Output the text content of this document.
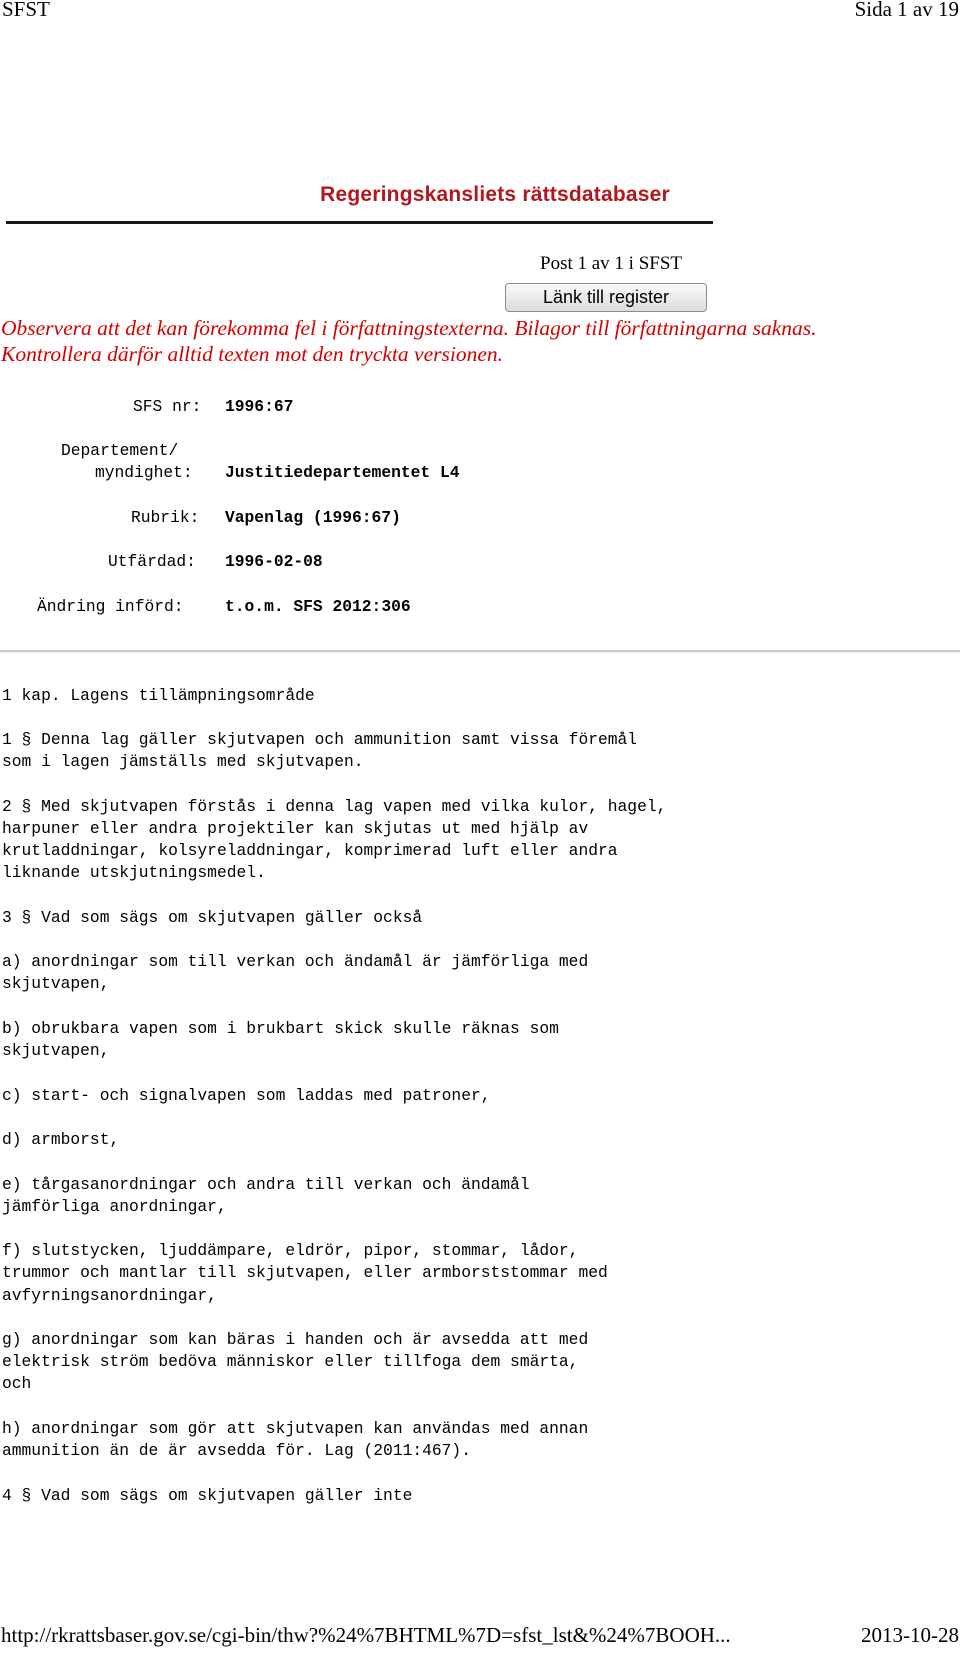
SFST	Sida 1 av 19
Regeringskansliets rättsdatabaser
Post 1 av 1 i SFST
Länk till register
Observera att det kan förekomma fel i författningstexterna. Bilagor till författningarna saknas. Kontrollera därför alltid texten mot den tryckta versionen.
SFS nr: 1996:67
Departement/
myndighet: Justitiedepartementet L4
Rubrik: Vapenlag (1996:67)
Utfärdad: 1996-02-08
Ändring införd:	t.o.m. SFS 2012:306
1 kap. Lagens tillämpningsområde
1 § Denna lag gäller skjutvapen och ammunition samt vissa föremål
som i lagen jämställs med skjutvapen.
2 § Med skjutvapen förstås i denna lag vapen med vilka kulor, hagel,
harpuner eller andra projektiler kan skjutas ut med hjälp av
krutladdningar, kolsyreladdningar, komprimerad luft eller andra
liknande utskjutningsmedel.
3 § Vad som sägs om skjutvapen gäller också
a) anordningar som till verkan och ändamål är jämförliga med
skjutvapen,
b) obrukbara vapen som i brukbart skick skulle räknas som
skjutvapen,
c) start- och signalvapen som laddas med patroner,
d) armborst,
e) tårgasanordningar och andra till verkan och ändamål
jämförliga anordningar,
f) slutstycken, ljuddämpare, eldrör, pipor, stommar, lådor,
trummor och mantlar till skjutvapen, eller armborststommar med
avfyrningsanordningar,
g) anordningar som kan bäras i handen och är avsedda att med
elektrisk ström bedöva människor eller tillfoga dem smärta,
och
h) anordningar som gör att skjutvapen kan användas med annan
ammunition än de är avsedda för. Lag (2011:467).
4 § Vad som sägs om skjutvapen gäller inte
http://rkrattsbaser.gov.se/cgi-bin/thw?%24%7BHTML%7D=sfst_lst&%24%7BOOH...	2013-10-28
